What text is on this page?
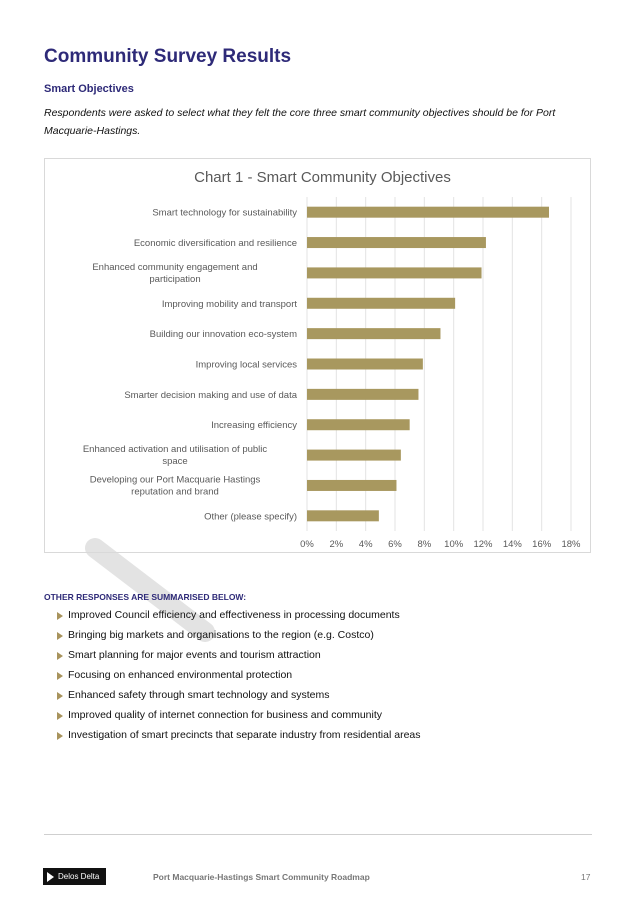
Community Survey Results
Smart Objectives

Respondents were asked to select what they felt the core three smart community objectives should be for Port Macquarie-Hastings.

Chart 1 - Smart Community Objectives
0% 2% 4% 6% 8% 10% 12% 14% 16% 18%
Smart technology for sustainability
Economic diversification and resilience
Enhanced community engagement and participation
Improving mobility and transport
Building our innovation eco-system
Improving local services
Smarter decision making and use of data
Increasing efficiency
Enhanced activation and utilisation of public space
Developing our Port Macquarie Hastings reputation and brand
Other (please specify)
OTHER RESPONSES ARE SUMMARISED BELOW:
Improved Council efficiency and effectiveness in processing documents
Bringing big markets and organisations to the region (e.g. Costco)
Smart planning for major events and tourism attraction
Focusing on enhanced environmental protection
Enhanced safety through smart technology and systems
Improved quality of internet connection for business and community
Investigation of smart precincts that separate industry from residential areas
Delos Delta	Port Macquarie-Hastings Smart Community Roadmap	17
